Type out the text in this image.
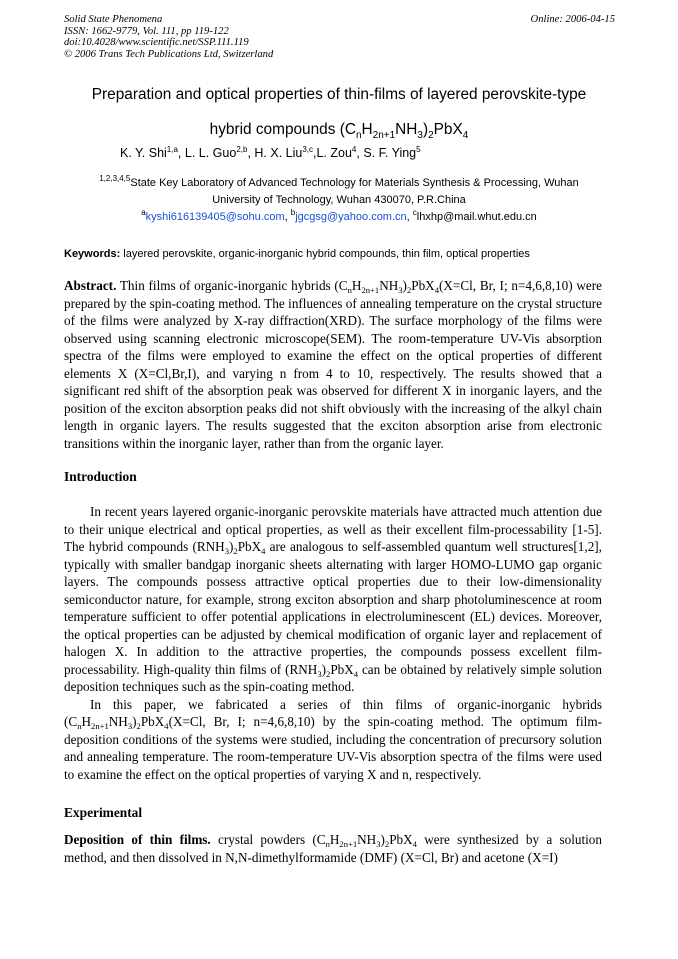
Solid State Phenomena
ISSN: 1662-9779, Vol. 111, pp 119-122
doi:10.4028/www.scientific.net/SSP.111.119
© 2006 Trans Tech Publications Ltd, Switzerland
Online: 2006-04-15
Preparation and optical properties of thin-films of layered perovskite-type
hybrid compounds $(C_nH_{2n+1}NH_3)_2PbX_4$
K. Y. Shi$^{1,a}$, L. L. Guo$^{2,b}$, H. X. Liu$^{3,c}$,L. Zou$^4$, S. F. Ying$^5$
$^{1,2,3,4,5}$State Key Laboratory of Advanced Technology for Materials Synthesis & Processing, Wuhan
University of Technology, Wuhan 430070, P.R.China
$^a$kyshi616139405@sohu.com, $^b$jgcgsg@yahoo.com.cn, $^c$lhxhp@mail.whut.edu.cn
Keywords: layered perovskite, organic-inorganic hybrid compounds, thin film, optical properties
Abstract. Thin films of organic-inorganic hybrids $(C_nH_{2n+1}NH_3)_2PbX_4(X=Cl$, Br, I; n=4,6,8,10) were prepared by the spin-coating method. The influences of annealing temperature on the crystal structure of the films were analyzed by X-ray diffraction(XRD). The surface morphology of the films were observed using scanning electronic microscope(SEM). The room-temperature UV-Vis absorption spectra of the films were employed to examine the effect on the optical properties of different elements X (X=Cl,Br,I), and varying n from 4 to 10, respectively. The results showed that a significant red shift of the absorption peak was observed for different X in inorganic layers, and the position of the exciton absorption peaks did not shift obviously with the increasing of the alkyl chain length in organic layers. The results suggested that the exciton absorption arise from electronic transitions within the inorganic layer, rather than from the organic layer.
Introduction

In recent years layered organic-inorganic perovskite materials have attracted much attention due to their unique electrical and optical properties, as well as their excellent film-processability [1-5]. The hybrid compounds $(RNH_3)_2PbX_4$ are analogous to self-assembled quantum well structures[1,2], typically with smaller bandgap inorganic sheets alternating with larger HOMO-LUMO gap organic layers. The compounds possess attractive optical properties due to their low-dimensionality semiconductor nature, for example, strong exciton absorption and sharp photoluminescence at room temperature sufficient to offer potential applications in electroluminescent (EL) devices. Moreover, the optical properties can be adjusted by chemical modification of organic layer and replacement of halogen X. In addition to the attractive properties, the compounds possess excellent film-processability. High-quality thin films of $(RNH_3)_2PbX_4$ can be obtained by relatively simple solution deposition techniques such as the spin-coating method.

In this paper, we fabricated a series of thin films of organic-inorganic hybrids $(C_nH_{2n+1}NH_3)_2PbX_4(X=Cl$, Br, I; n=4,6,8,10) by the spin-coating method. The optimum film-deposition conditions of the systems were studied, including the concentration of precursory solution and annealing temperature. The room-temperature UV-Vis absorption spectra of the films were used to examine the effect on the optical properties of varying X and n, respectively.

Experimental
Deposition of thin films. crystal powders $(C_nH_{2n+1}NH_3)_2PbX_4$ were synthesized by a solution method, and then dissolved in N,N-dimethylformamide (DMF) (X=Cl, Br) and acetone (X=I)
